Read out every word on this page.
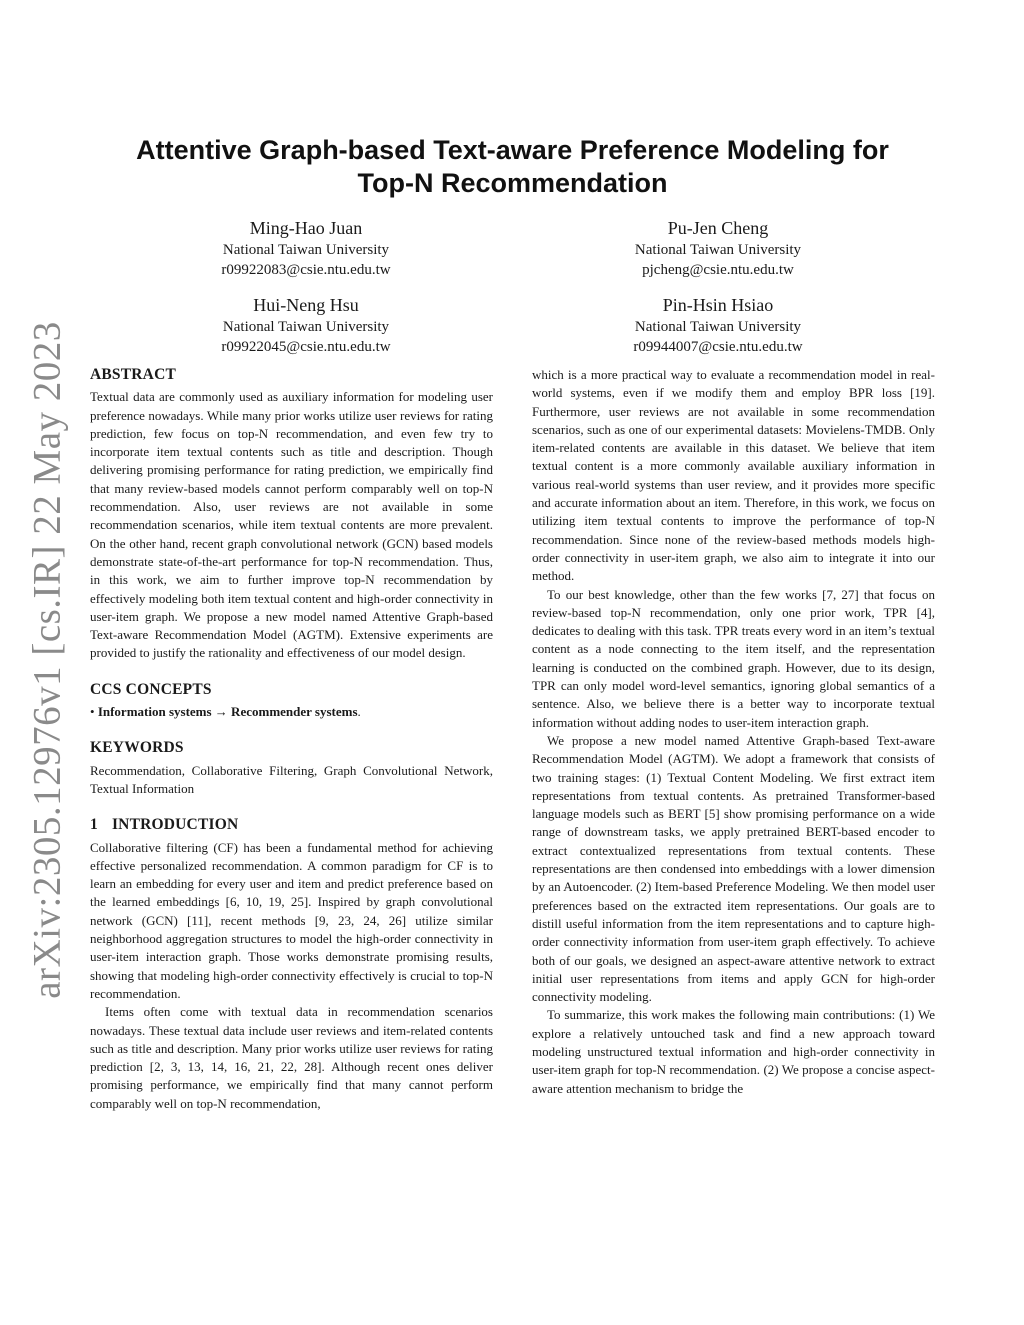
arXiv:2305.12976v1 [cs.IR] 22 May 2023
Attentive Graph-based Text-aware Preference Modeling for
Top-N Recommendation
Ming-Hao Juan
National Taiwan University
r09922083@csie.ntu.edu.tw
Pu-Jen Cheng
National Taiwan University
pjcheng@csie.ntu.edu.tw
Hui-Neng Hsu
National Taiwan University
r09922045@csie.ntu.edu.tw
Pin-Hsin Hsiao
National Taiwan University
r09944007@csie.ntu.edu.tw
ABSTRACT

Textual data are commonly used as auxiliary information for modeling user preference nowadays. While many prior works utilize user reviews for rating prediction, few focus on top-N recommendation, and even few try to incorporate item textual contents such as title and description. Though delivering promising performance for rating prediction, we empirically find that many review-based models cannot perform comparably well on top-N recommendation. Also, user reviews are not available in some recommendation scenarios, while item textual contents are more prevalent. On the other hand, recent graph convolutional network (GCN) based models demonstrate state-of-the-art performance for top-N recommendation. Thus, in this work, we aim to further improve top-N recommendation by effectively modeling both item textual content and high-order connectivity in user-item graph. We propose a new model named Attentive Graph-based Text-aware Recommendation Model (AGTM). Extensive experiments are provided to justify the rationality and effectiveness of our model design.

CCS CONCEPTS

• Information systems → Recommender systems.

KEYWORDS

Recommendation, Collaborative Filtering, Graph Convolutional Network, Textual Information

1 INTRODUCTION

Collaborative filtering (CF) has been a fundamental method for achieving effective personalized recommendation. A common paradigm for CF is to learn an embedding for every user and item and predict preference based on the learned embeddings [6, 10, 19, 25]. Inspired by graph convolutional network (GCN) [11], recent methods [9, 23, 24, 26] utilize similar neighborhood aggregation structures to model the high-order connectivity in user-item interaction graph. Those works demonstrate promising results, showing that modeling high-order connectivity effectively is crucial to top-N recommendation.

Items often come with textual data in recommendation scenarios nowadays. These textual data include user reviews and item-related contents such as title and description. Many prior works utilize user reviews for rating prediction [2, 3, 13, 14, 16, 21, 22, 28]. Although recent ones deliver promising performance, we empirically find that many cannot perform comparably well on top-N recommendation,

which is a more practical way to evaluate a recommendation model in real-world systems, even if we modify them and employ BPR loss [19]. Furthermore, user reviews are not available in some recommendation scenarios, such as one of our experimental datasets: Movielens-TMDB. Only item-related contents are available in this dataset. We believe that item textual content is a more commonly available auxiliary information in various real-world systems than user review, and it provides more specific and accurate information about an item. Therefore, in this work, we focus on utilizing item textual contents to improve the performance of top-N recommendation. Since none of the review-based methods models high-order connectivity in user-item graph, we also aim to integrate it into our method.

To our best knowledge, other than the few works [7, 27] that focus on review-based top-N recommendation, only one prior work, TPR [4], dedicates to dealing with this task. TPR treats every word in an item’s textual content as a node connecting to the item itself, and the representation learning is conducted on the combined graph. However, due to its design, TPR can only model word-level semantics, ignoring global semantics of a sentence. Also, we believe there is a better way to incorporate textual information without adding nodes to user-item interaction graph.

We propose a new model named Attentive Graph-based Text-aware Recommendation Model (AGTM). We adopt a framework that consists of two training stages: (1) Textual Content Modeling. We first extract item representations from textual contents. As pretrained Transformer-based language models such as BERT [5] show promising performance on a wide range of downstream tasks, we apply pretrained BERT-based encoder to extract contextualized representations from textual contents. These representations are then condensed into embeddings with a lower dimension by an Autoencoder. (2) Item-based Preference Modeling. We then model user preferences based on the extracted item representations. Our goals are to distill useful information from the item representations and to capture high-order connectivity information from user-item graph effectively. To achieve both of our goals, we designed an aspect-aware attentive network to extract initial user representations from items and apply GCN for high-order connectivity modeling.

To summarize, this work makes the following main contributions: (1) We explore a relatively untouched task and find a new approach toward modeling unstructured textual information and high-order connectivity in user-item graph for top-N recommendation. (2) We propose a concise aspect-aware attention mechanism to bridge the
